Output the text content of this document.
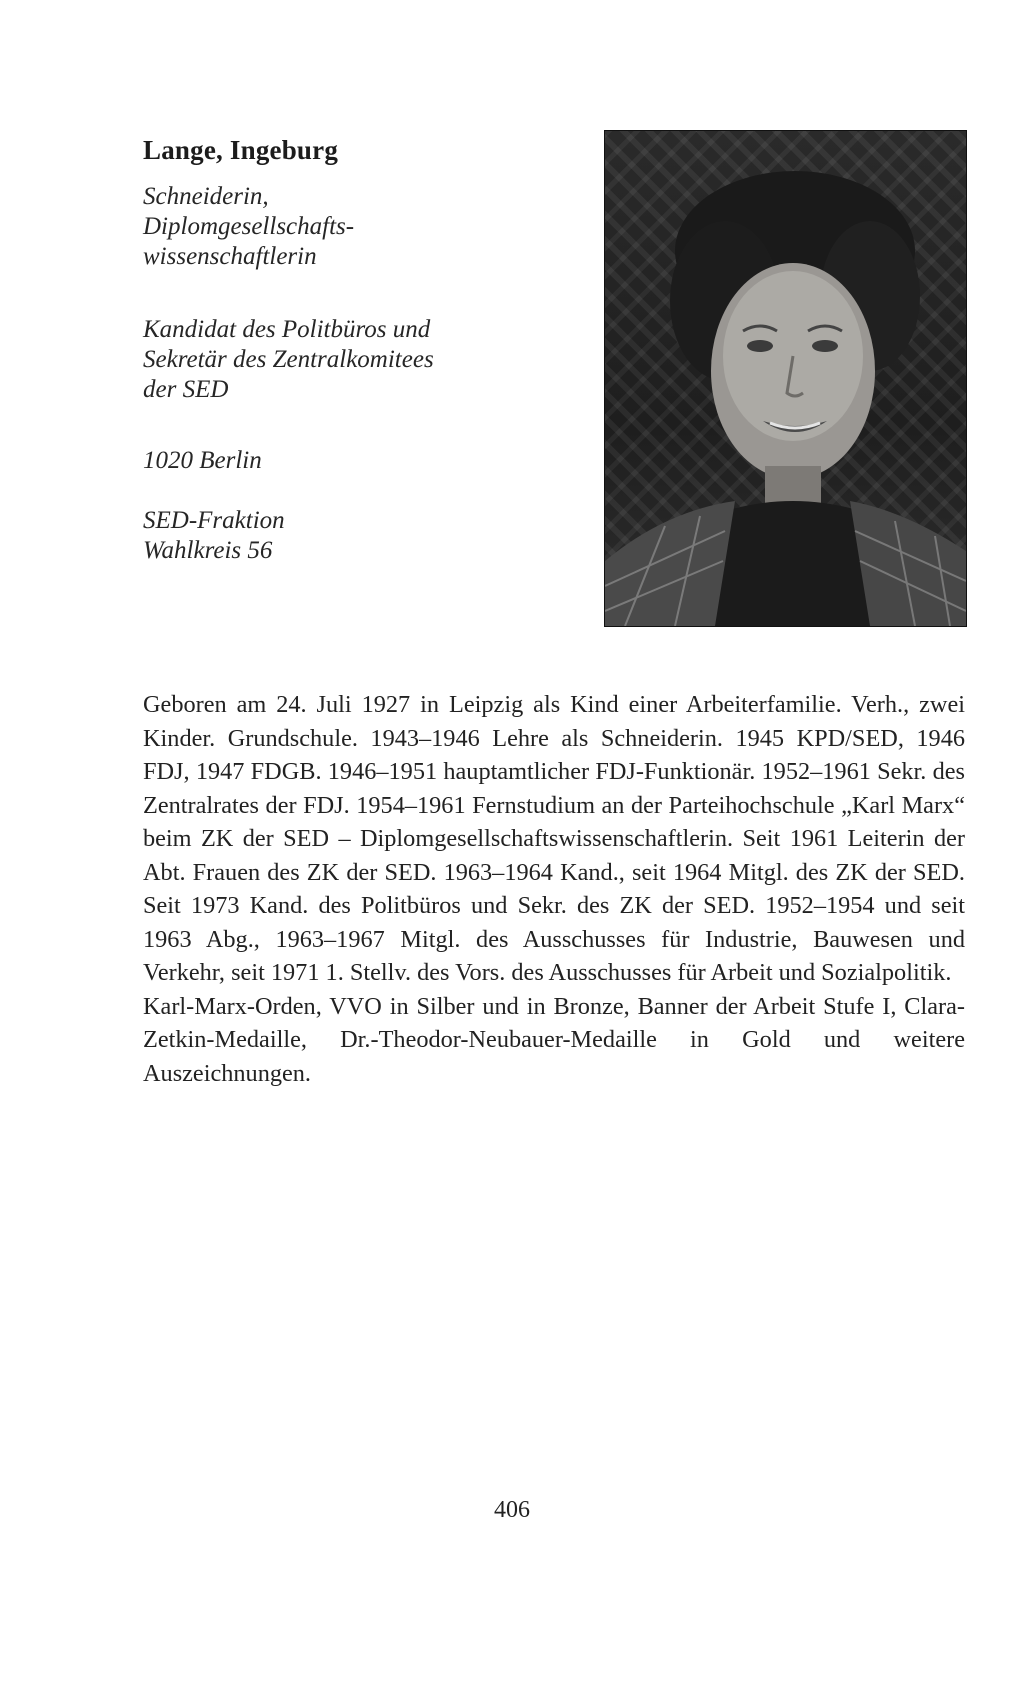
Lange, Ingeburg
Schneiderin,
Diplomgesellschafts-
wissenschaftlerin
Kandidat des Politbüros und
Sekretär des Zentralkomitees
der SED
1020 Berlin
SED-Fraktion
Wahlkreis 56

Geboren am 24. Juli 1927 in Leipzig als Kind einer Arbeiterfamilie. Verh., zwei Kinder. Grundschule. 1943–1946 Lehre als Schneiderin. 1945 KPD/SED, 1946 FDJ, 1947 FDGB. 1946–1951 hauptamtlicher FDJ-Funktionär. 1952–1961 Sekr. des Zentralrates der FDJ. 1954–1961 Fernstudium an der Parteihochschule „Karl Marx“ beim ZK der SED – Diplomgesellschaftswissenschaftlerin. Seit 1961 Leiterin der Abt. Frauen des ZK der SED. 1963–1964 Kand., seit 1964 Mitgl. des ZK der SED. Seit 1973 Kand. des Politbüros und Sekr. des ZK der SED. 1952–1954 und seit 1963 Abg., 1963–1967 Mitgl. des Ausschusses für Industrie, Bauwesen und Verkehr, seit 1971 1. Stellv. des Vors. des Ausschusses für Arbeit und Sozialpolitik.

Karl-Marx-Orden, VVO in Silber und in Bronze, Banner der Arbeit Stufe I, Clara-Zetkin-Medaille, Dr.-Theodor-Neubauer-Medaille in Gold und weitere Auszeichnungen.

406
